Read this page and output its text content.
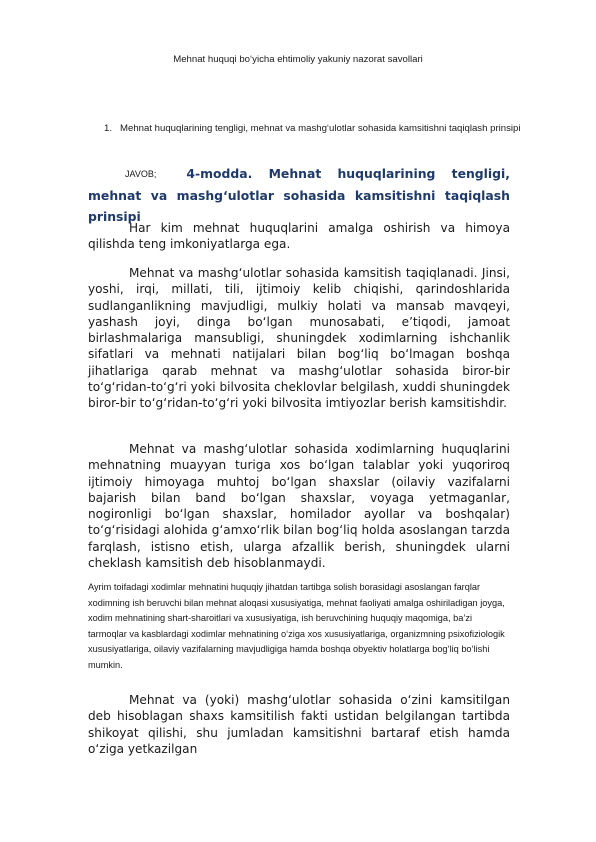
Mehnat huquqi bo‘yicha ehtimoliy yakuniy nazorat savollari
1. Mehnat huquqlarining tengligi, mehnat va mashg‘ulotlar sohasida kamsitishni taqiqlash prinsipi
JAVOB; 4-modda. Mehnat huquqlarining tengligi, mehnat va mashg‘ulotlar sohasida kamsitishni taqiqlash prinsipi
Har kim mehnat huquqlarini amalga oshirish va himoya qilishda teng imkoniyatlarga ega.
Mehnat va mashg‘ulotlar sohasida kamsitish taqiqlanadi. Jinsi, yoshi, irqi, millati, tili, ijtimoiy kelib chiqishi, qarindoshlarida sudlanganlikning mavjudligi, mulkiy holati va mansab mavqeyi, yashash joyi, dinga bo‘lgan munosabati, e’tiqodi, jamoat birlashmalariga mansubligi, shuningdek xodimlarning ishchanlik sifatlari va mehnati natijalari bilan bog‘liq bo‘lmagan boshqa jihatlariga qarab mehnat va mashg‘ulotlar sohasida biror-bir to‘g‘ridan-to‘g‘ri yoki bilvosita cheklovlar belgilash, xuddi shuningdek biror-bir to‘g‘ridan-to‘g‘ri yoki bilvosita imtiyozlar berish kamsitishdir.
Mehnat va mashg‘ulotlar sohasida xodimlarning huquqlarini mehnatning muayyan turiga xos bo‘lgan talablar yoki yuqoriroq ijtimoiy himoyaga muhtoj bo‘lgan shaxslar (oilaviy vazifalarni bajarish bilan band bo‘lgan shaxslar, voyaga yetmaganlar, nogironligi bo‘lgan shaxslar, homilador ayollar va boshqalar) to‘g‘risidagi alohida g‘amxo‘rlik bilan bog‘liq holda asoslangan tarzda farqlash, istisno etish, ularga afzallik berish, shuningdek ularni cheklash kamsitish deb hisoblanmaydi.
Ayrim toifadagi xodimlar mehnatini huquqiy jihatdan tartibga solish borasidagi asoslangan farqlar xodimning ish beruvchi bilan mehnat aloqasi xususiyatiga, mehnat faoliyati amalga oshiriladigan joyga, xodim mehnatining shart-sharoitlari va xususiyatiga, ish beruvchining huquqiy maqomiga, ba’zi tarmoqlar va kasblardagi xodimlar mehnatining o‘ziga xos xususiyatlariga, organizmning psixofiziologik xususiyatlariga, oilaviy vazifalarning mavjudligiga hamda boshqa obyektiv holatlarga bog‘liq bo‘lishi mumkin.
Mehnat va (yoki) mashg‘ulotlar sohasida o‘zini kamsitilgan deb hisoblagan shaxs kamsitilish fakti ustidan belgilangan tartibda shikoyat qilishi, shu jumladan kamsitishni bartaraf etish hamda o‘ziga yetkazilgan
